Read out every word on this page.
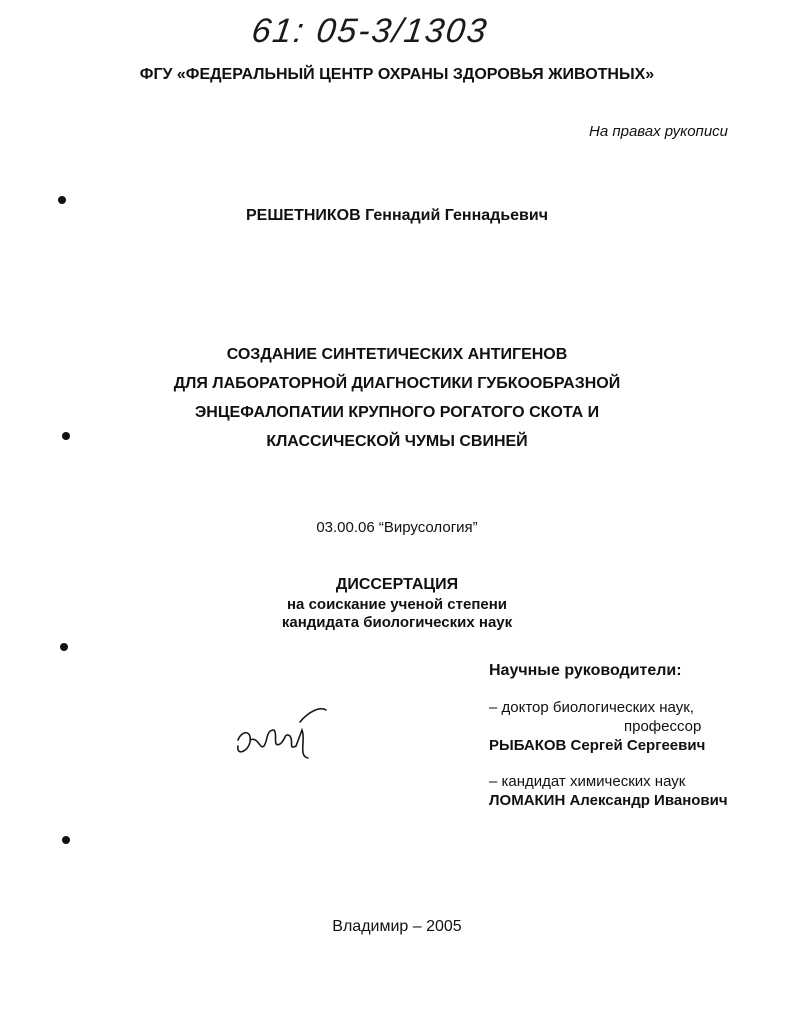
61: 05-3/1303
ФГУ «ФЕДЕРАЛЬНЫЙ ЦЕНТР ОХРАНЫ ЗДОРОВЬЯ ЖИВОТНЫХ»
На правах рукописи
РЕШЕТНИКОВ Геннадий Геннадьевич
СОЗДАНИЕ СИНТЕТИЧЕСКИХ АНТИГЕНОВ
ДЛЯ ЛАБОРАТОРНОЙ ДИАГНОСТИКИ ГУБКООБРАЗНОЙ
ЭНЦЕФАЛОПАТИИ КРУПНОГО РОГАТОГО СКОТА И
КЛАССИЧЕСКОЙ ЧУМЫ СВИНЕЙ
03.00.06 “Вирусология”
ДИССЕРТАЦИЯ
на соискание ученой степени
кандидата биологических наук
Научные руководители:
– доктор биологических наук,
профессор
РЫБАКОВ Сергей Сергеевич
– кандидат химических наук
ЛОМАКИН Александр Иванович
Яцуб
Владимир – 2005
